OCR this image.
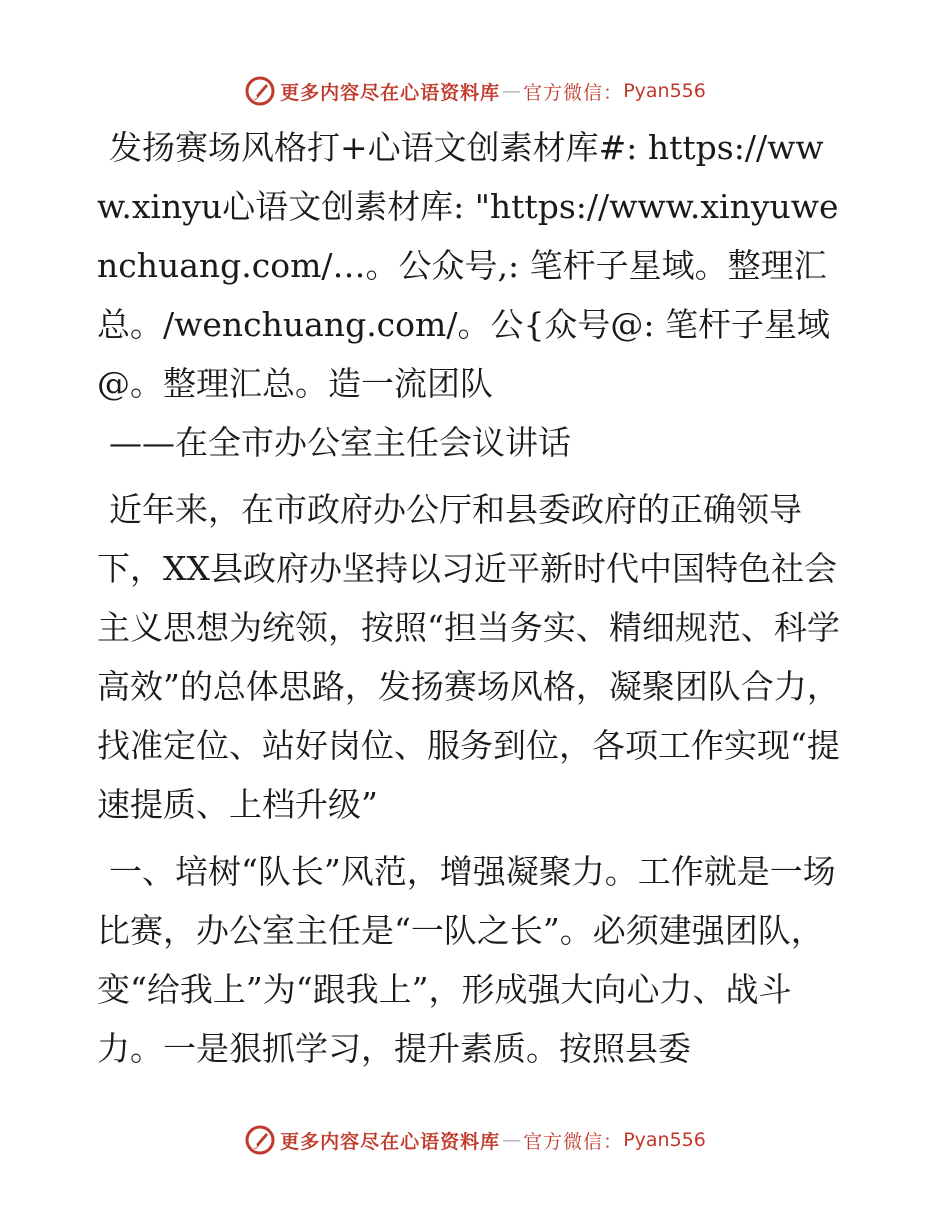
更多内容尽在心语资料库 — 官方微信： Pyan556

发扬赛场风格打+心语文创素材库#: https://www.xinyu心语文创素材库: "https://www.xinyuwenchuang.com/…。公众号,: 笔杆子星域。整理汇总。/wenchuang.com/。公{众号@: 笔杆子星域@。整理汇总。造一流团队

——在全市办公室主任会议讲话

近年来，在市政府办公厅和县委政府的正确领导下，XX县政府办坚持以习近平新时代中国特色社会主义思想为统领，按照“担当务实、精细规范、科学高效”的总体思路，发扬赛场风格，凝聚团队合力，找准定位、站好岗位、服务到位，各项工作实现“提速提质、上档升级”

一、培树“队长”风范，增强凝聚力。工作就是一场比赛，办公室主任是“一队之长”。必须建强团队，变“给我上”为“跟我上”，形成强大向心力、战斗力。一是狠抓学习，提升素质。按照县委

更多内容尽在心语资料库 — 官方微信： Pyan556
